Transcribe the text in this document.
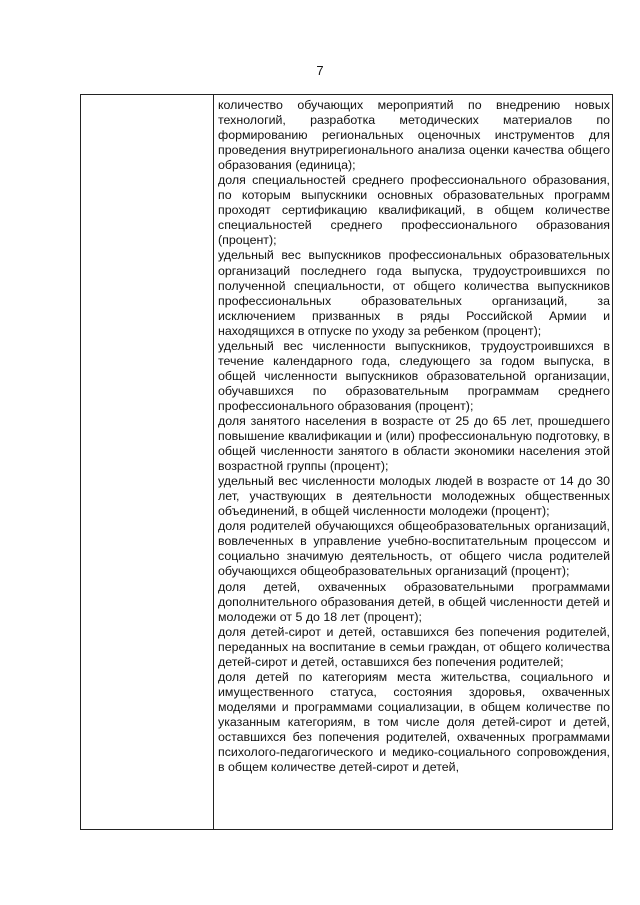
7

количество обучающих мероприятий по внедрению новых технологий, разработка методических материалов по формированию региональных оценочных инструментов для проведения внутрирегионального анализа оценки качества общего образования (единица);

доля специальностей среднего профессионального образования, по которым выпускники основных образовательных программ проходят сертификацию квалификаций, в общем количестве специальностей среднего профессионального образования (процент);

удельный вес выпускников профессиональных образовательных организаций последнего года выпуска, трудоустроившихся по полученной специальности, от общего количества выпускников профессиональных образовательных организаций, за исключением призванных в ряды Российской Армии и находящихся в отпуске по уходу за ребенком (процент);

удельный вес численности выпускников, трудоустроившихся в течение календарного года, следующего за годом выпуска, в общей численности выпускников образовательной организации, обучавшихся по образовательным программам среднего профессионального образования (процент);

доля занятого населения в возрасте от 25 до 65 лет, прошедшего повышение квалификации и (или) профессиональную подготовку, в общей численности занятого в области экономики населения этой возрастной группы (процент);

удельный вес численности молодых людей в возрасте от 14 до 30 лет, участвующих в деятельности молодежных общественных объединений, в общей численности молодежи (процент);

доля родителей обучающихся общеобразовательных организаций, вовлеченных в управление учебно-воспитательным процессом и социально значимую деятельность, от общего числа родителей обучающихся общеобразовательных организаций (процент);

доля детей, охваченных образовательными программами дополнительного образования детей, в общей численности детей и молодежи от 5 до 18 лет (процент);

доля детей-сирот и детей, оставшихся без попечения родителей, переданных на воспитание в семьи граждан, от общего количества детей-сирот и детей, оставшихся без попечения родителей;

доля детей по категориям места жительства, социального и имущественного статуса, состояния здоровья, охваченных моделями и программами социализации, в общем количестве по указанным категориям, в том числе доля детей-сирот и детей, оставшихся без попечения родителей, охваченных программами психолого-педагогического и медико-социального сопровождения, в общем количестве детей-сирот и детей,
